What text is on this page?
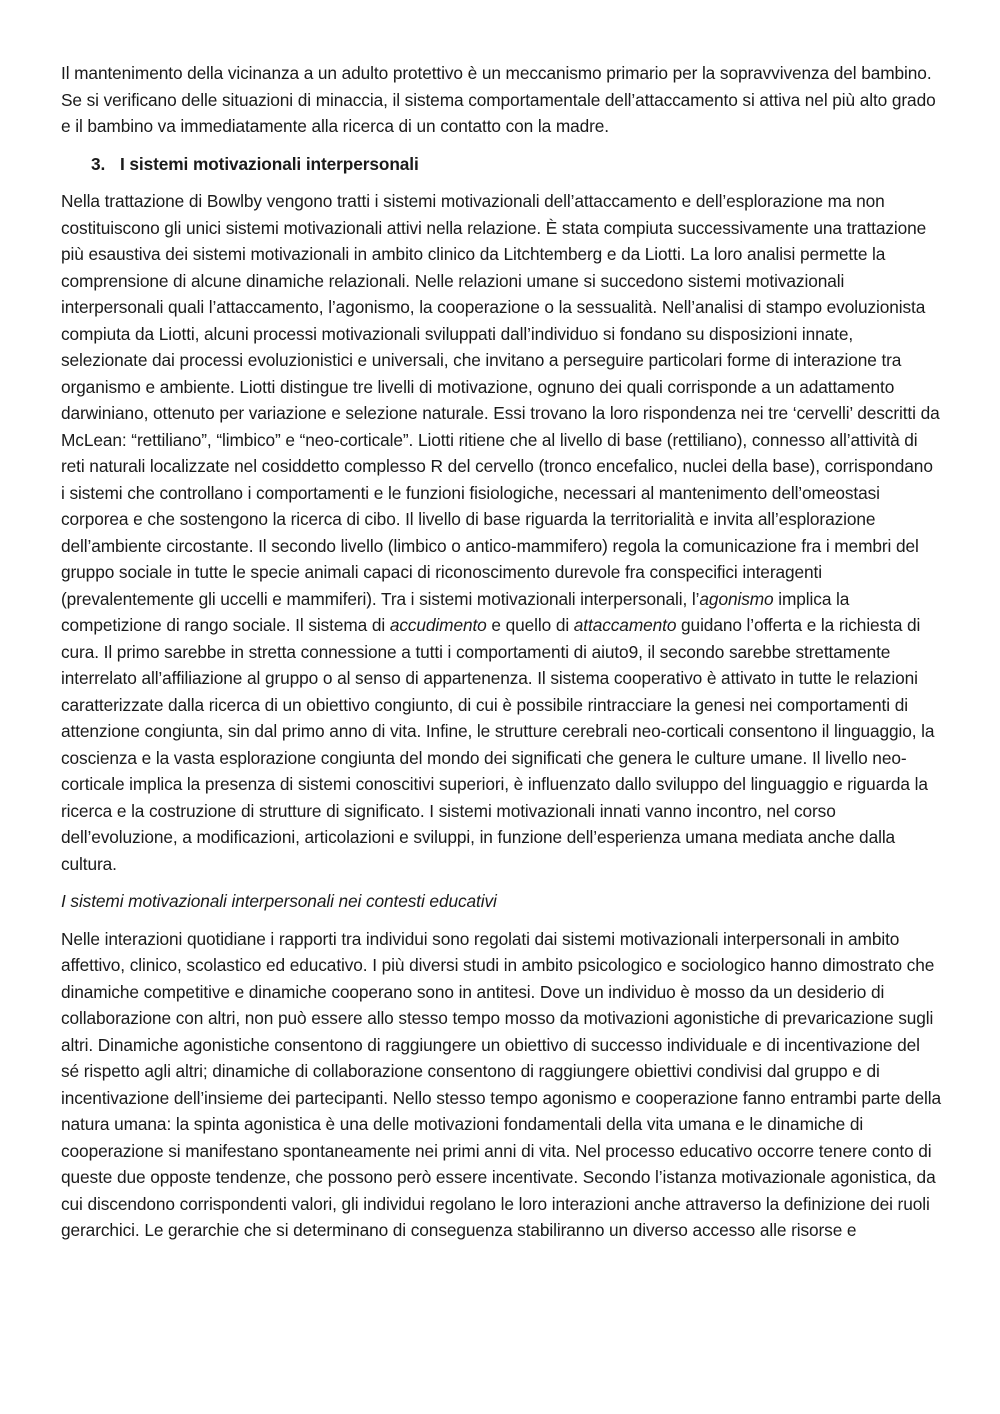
Il mantenimento della vicinanza a un adulto protettivo è un meccanismo primario per la sopravvivenza del bambino. Se si verificano delle situazioni di minaccia, il sistema comportamentale dell’attaccamento si attiva nel più alto grado e il bambino va immediatamente alla ricerca di un contatto con la madre.

3. I sistemi motivazionali interpersonali

Nella trattazione di Bowlby vengono tratti i sistemi motivazionali dell’attaccamento e dell’esplorazione ma non costituiscono gli unici sistemi motivazionali attivi nella relazione. È stata compiuta successivamente una trattazione più esaustiva dei sistemi motivazionali in ambito clinico da Litchtemberg e da Liotti. La loro analisi permette la comprensione di alcune dinamiche relazionali. Nelle relazioni umane si succedono sistemi motivazionali interpersonali quali l’attaccamento, l’agonismo, la cooperazione o la sessualità. Nell’analisi di stampo evoluzionista compiuta da Liotti, alcuni processi motivazionali sviluppati dall’individuo si fondano su disposizioni innate, selezionate dai processi evoluzionistici e universali, che invitano a perseguire particolari forme di interazione tra organismo e ambiente. Liotti distingue tre livelli di motivazione, ognuno dei quali corrisponde a un adattamento darwiniano, ottenuto per variazione e selezione naturale. Essi trovano la loro rispondenza nei tre ‘cervelli’ descritti da McLean: “rettiliano”, “limbico” e “neo-corticale”. Liotti ritiene che al livello di base (rettiliano), connesso all’attività di reti naturali localizzate nel cosiddetto complesso R del cervello (tronco encefalico, nuclei della base), corrispondano i sistemi che controllano i comportamenti e le funzioni fisiologiche, necessari al mantenimento dell’omeostasi corporea e che sostengono la ricerca di cibo. Il livello di base riguarda la territorialità e invita all’esplorazione dell’ambiente circostante. Il secondo livello (limbico o antico-mammifero) regola la comunicazione fra i membri del gruppo sociale in tutte le specie animali capaci di riconoscimento durevole fra conspecifici interagenti (prevalentemente gli uccelli e mammiferi). Tra i sistemi motivazionali interpersonali, l’agonismo implica la competizione di rango sociale. Il sistema di accudimento e quello di attaccamento guidano l’offerta e la richiesta di cura. Il primo sarebbe in stretta connessione a tutti i comportamenti di aiuto9, il secondo sarebbe strettamente interrelato all’affiliazione al gruppo o al senso di appartenenza. Il sistema cooperativo è attivato in tutte le relazioni caratterizzate dalla ricerca di un obiettivo congiunto, di cui è possibile rintracciare la genesi nei comportamenti di attenzione congiunta, sin dal primo anno di vita. Infine, le strutture cerebrali neo-corticali consentono il linguaggio, la coscienza e la vasta esplorazione congiunta del mondo dei significati che genera le culture umane. Il livello neo-corticale implica la presenza di sistemi conoscitivi superiori, è influenzato dallo sviluppo del linguaggio e riguarda la ricerca e la costruzione di strutture di significato. I sistemi motivazionali innati vanno incontro, nel corso dell’evoluzione, a modificazioni, articolazioni e sviluppi, in funzione dell’esperienza umana mediata anche dalla cultura.

I sistemi motivazionali interpersonali nei contesti educativi

Nelle interazioni quotidiane i rapporti tra individui sono regolati dai sistemi motivazionali interpersonali in ambito affettivo, clinico, scolastico ed educativo. I più diversi studi in ambito psicologico e sociologico hanno dimostrato che dinamiche competitive e dinamiche cooperano sono in antitesi. Dove un individuo è mosso da un desiderio di collaborazione con altri, non può essere allo stesso tempo mosso da motivazioni agonistiche di prevaricazione sugli altri. Dinamiche agonistiche consentono di raggiungere un obiettivo di successo individuale e di incentivazione del sé rispetto agli altri; dinamiche di collaborazione consentono di raggiungere obiettivi condivisi dal gruppo e di incentivazione dell’insieme dei partecipanti. Nello stesso tempo agonismo e cooperazione fanno entrambi parte della natura umana: la spinta agonistica è una delle motivazioni fondamentali della vita umana e le dinamiche di cooperazione si manifestano spontaneamente nei primi anni di vita. Nel processo educativo occorre tenere conto di queste due opposte tendenze, che possono però essere incentivate. Secondo l’istanza motivazionale agonistica, da cui discendono corrispondenti valori, gli individui regolano le loro interazioni anche attraverso la definizione dei ruoli gerarchici. Le gerarchie che si determinano di conseguenza stabiliranno un diverso accesso alle risorse e
